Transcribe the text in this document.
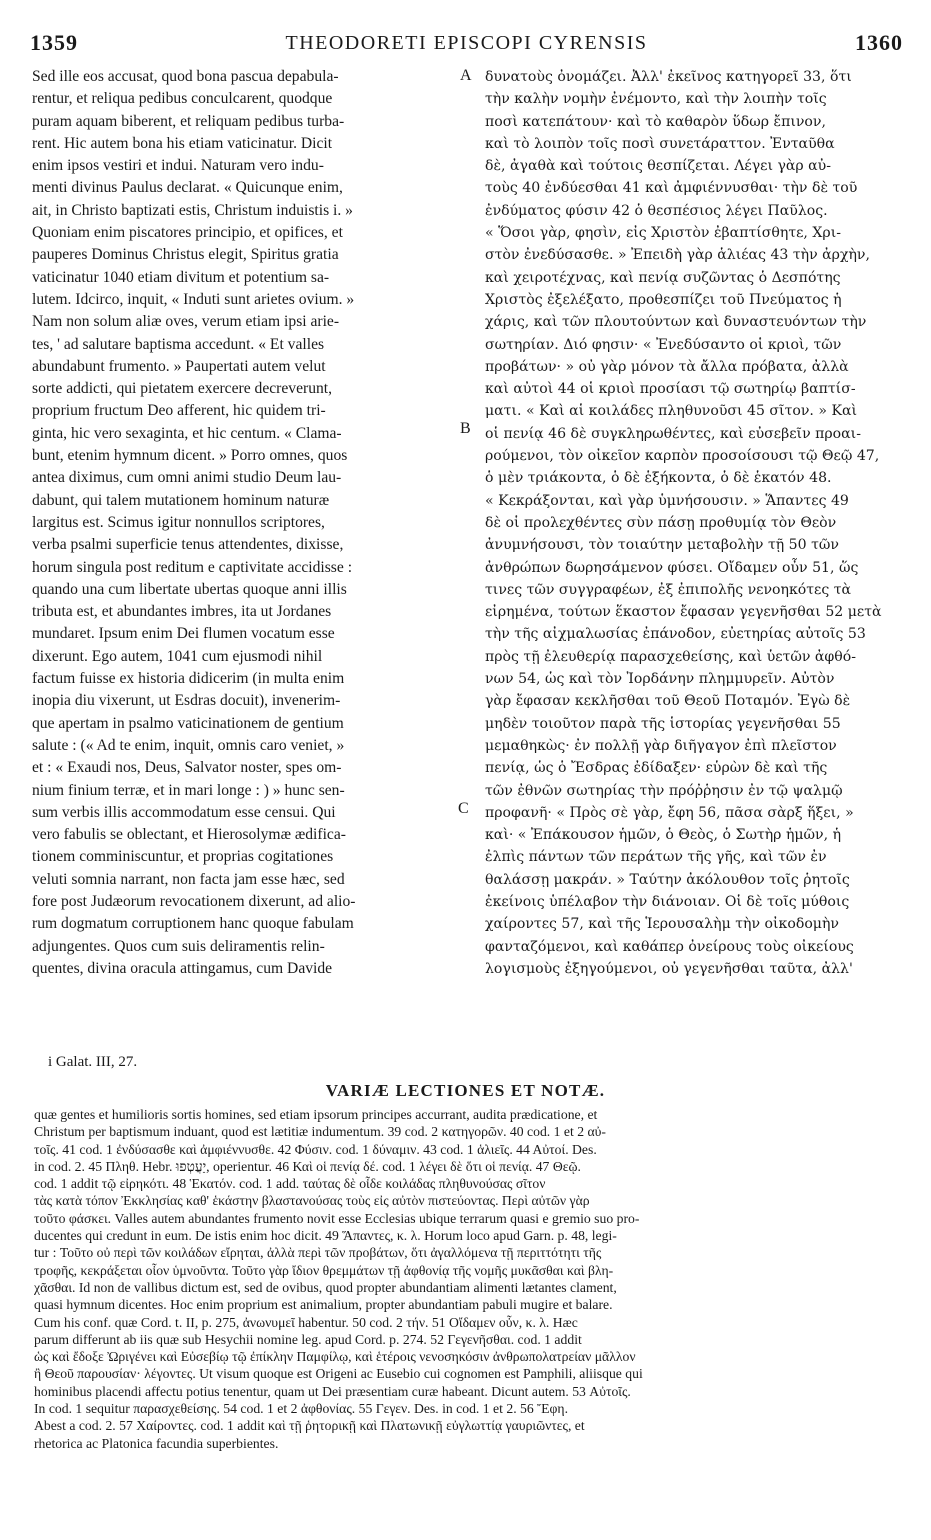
1359	THEODORETI EPISCOPI CYRENSIS	1360
Sed ille eos accusat, quod bona pascua depabula-
rentur, et reliqua pedibus conculcarent, quodque
puram aquam biberent, et reliquam pedibus turba-
rent. Hic autem bona his etiam vaticinatur. Dicit
enim ipsos vestiri et indui. Naturam vero indu-
menti divinus Paulus declarat. « Quicunque enim,
ait, in Christo baptizati estis, Christum induistis i. »
Quoniam enim piscatores principio, et opifices, et
pauperes Dominus Christus elegit, Spiritus gratia
vaticinatur 1040 etiam divitum et potentium sa-
lutem. Idcirco, inquit, « Induti sunt arietes ovium. »
Nam non solum aliæ oves, verum etiam ipsi arie-
tes, ' ad salutare baptisma accedunt. « Et valles
abundabunt frumento. » Paupertati autem velut
sorte addicti, qui pietatem exercere decreverunt,
proprium fructum Deo afferent, hic quidem tri-
ginta, hic vero sexaginta, et hic centum. « Clama-
bunt, etenim hymnum dicent. » Porro omnes, quos
antea diximus, cum omni animi studio Deum lau-
dabunt, qui talem mutationem hominum naturæ
largitus est. Scimus igitur nonnullos scriptores,
verba psalmi superficie tenus attendentes, dixisse,
horum singula post reditum e captivitate accidisse :
quando una cum libertate ubertas quoque anni illis
tributa est, et abundantes imbres, ita ut Jordanes
mundaret. Ipsum enim Dei flumen vocatum esse
dixerunt. Ego autem, 1041 cum ejusmodi nihil
factum fuisse ex historia didicerim (in multa enim
inopia diu vixerunt, ut Esdras docuit), invenerim-
que apertam in psalmo vaticinationem de gentium
salute : (« Ad te enim, inquit, omnis caro veniet, »
et : « Exaudi nos, Deus, Salvator noster, spes om-
nium finium terræ, et in mari longe : ) » hunc sen-
sum verbis illis accommodatum esse censui. Qui
vero fabulis se oblectant, et Hierosolymæ ædifica-
tionem comminiscuntur, et proprias cogitationes
veluti somnia narrant, non facta jam esse hæc, sed
fore post Judæorum revocationem dixerunt, ad alio-
rum dogmatum corruptionem hanc quoque fabulam
adjungentes. Quos cum suis deliramentis relin-
quentes, divina oracula attingamus, cum Davide
δυνατοὺς ὀνομάζει. Ἀλλ' ἐκεῖνος κατηγορεῖ 33, ὅτι
τὴν καλὴν νομὴν ἐνέμοντο, καὶ τὴν λοιπὴν τοῖς
ποσὶ κατεπάτουν· καὶ τὸ καθαρὸν ὕδωρ ἔπινον,
καὶ τὸ λοιπὸν τοῖς ποσὶ συνετάραττον. Ἐνταῦθα
δὲ, ἀγαθὰ καὶ τούτοις θεσπίζεται. Λέγει γὰρ αὐ-
τοὺς 40 ἐνδύεσθαι 41 καὶ ἀμφιέννυσθαι· τὴν δὲ τοῦ
ἐνδύματος φύσιν 42 ὁ θεσπέσιος λέγει Παῦλος.
« Ὅσοι γὰρ, φησὶν, εἰς Χριστὸν ἐβαπτίσθητε, Χρι-
στὸν ἐνεδύσασθε. » Ἐπειδὴ γὰρ ἁλιέας 43 τὴν ἀρχὴν,
καὶ χειροτέχνας, καὶ πενίᾳ συζῶντας ὁ Δεσπότης
Χριστὸς ἐξελέξατο, προθεσπίζει τοῦ Πνεύματος ἡ
χάρις, καὶ τῶν πλουτούντων καὶ δυναστευόντων τὴν
σωτηρίαν. Διό φησιν· « Ἐνεδύσαντο οἱ κριοὶ, τῶν
προβάτων· » οὐ γὰρ μόνον τὰ ἄλλα πρόβατα, ἀλλὰ
καὶ αὐτοὶ 44 οἱ κριοὶ προσίασι τῷ σωτηρίῳ βαπτίσ-
ματι. « Καὶ αἱ κοιλάδες πληθυνοῦσι 45 σῖτον. » Καὶ
οἱ πενίᾳ 46 δὲ συγκληρωθέντες, καὶ εὐσεβεῖν προαι-
ρούμενοι, τὸν οἰκεῖον καρπὸν προσοίσουσι τῷ Θεῷ 47,
ὁ μὲν τριάκοντα, ὁ δὲ ἑξήκοντα, ὁ δὲ ἑκατόν 48.
« Κεκράξονται, καὶ γὰρ ὑμνήσουσιν. » Ἅπαντες 49
δὲ οἱ προλεχθέντες σὺν πάσῃ προθυμίᾳ τὸν Θεὸν
ἀνυμνήσουσι, τὸν τοιαύτην μεταβολὴν τῇ 50 τῶν
ἀνθρώπων δωρησάμενον φύσει. Οἴδαμεν οὖν 51, ὥς
τινες τῶν συγγραφέων, ἐξ ἐπιπολῆς νενοηκότες τὰ
εἰρημένα, τούτων ἕκαστον ἔφασαν γεγενῆσθαι 52 μετὰ
τὴν τῆς αἰχμαλωσίας ἐπάνοδον, εὐετηρίας αὐτοῖς 53
πρὸς τῇ ἐλευθερίᾳ παρασχεθείσης, καὶ ὑετῶν ἀφθό-
νων 54, ὡς καὶ τὸν Ἰορδάνην πλημμυρεῖν. Αὐτὸν
γὰρ ἔφασαν κεκλῆσθαι τοῦ Θεοῦ Ποταμόν. Ἐγὼ δὲ
μηδὲν τοιοῦτον παρὰ τῆς ἱστορίας γεγενῆσθαι 55
μεμαθηκὼς· ἐν πολλῇ γὰρ διῆγαγον ἐπὶ πλεῖστον
πενίᾳ, ὡς ὁ Ἔσδρας ἐδίδαξεν· εὑρὼν δὲ καὶ τῆς
τῶν ἐθνῶν σωτηρίας τὴν πρόῤῥησιν ἐν τῷ ψαλμῷ
προφανῆ· « Πρὸς σὲ γὰρ, ἔφη 56, πᾶσα σὰρξ ἥξει, »
καὶ· « Ἐπάκουσον ἡμῶν, ὁ Θεὸς, ὁ Σωτὴρ ἡμῶν, ἡ
ἐλπὶς πάντων τῶν περάτων τῆς γῆς, καὶ τῶν ἐν
θαλάσσῃ μακράν. » Ταύτην ἀκόλουθον τοῖς ῥητοῖς
ἐκείνοις ὑπέλαβον τὴν διάνοιαν. Οἱ δὲ τοῖς μύθοις
χαίροντες 57, καὶ τῆς Ἱερουσαλὴμ τὴν οἰκοδομὴν
φανταζόμενοι, καὶ καθάπερ ὀνείρους τοὺς οἰκείους
λογισμοὺς ἐξηγούμενοι, οὐ γεγενῆσθαι ταῦτα, ἀλλ'
A
B
C
i Galat. III, 27.
VARIÆ LECTIONES ET NOTÆ.
quæ gentes et humilioris sortis homines, sed etiam ipsorum principes accurrant, audita prædicatione, et
Christum per baptismum induant, quod est lætitiæ indumentum. 39 cod. 2 κατηγορῶν. 40 cod. 1 et 2 αὐ-
τοῖς. 41 cod. 1 ἐνδύσασθε καὶ ἀμφιέννυσθε. 42 Φύσιν. cod. 1 δύναμιν. 43 cod. 1 ἁλιεῖς. 44 Αὐτοί. Des.
in cod. 2. 45 Πληθ. Hebr. יַעֲטְפוּ, operientur. 46 Καὶ οἱ πενίᾳ δέ. cod. 1 λέγει δὲ ὅτι οἱ πενίᾳ. 47 Θεῷ.
cod. 1 addit τῷ εἰρηκότι. 48 Ἑκατόν. cod. 1 add. ταύτας δὲ οἶδε κοιλάδας πληθυνούσας σῖτον
τὰς κατὰ τόπον Ἐκκλησίας καθ' ἑκάστην βλαστανούσας τοὺς εἰς αὐτὸν πιστεύοντας. Περὶ αὐτῶν γὰρ
τοῦτο φάσκει. Valles autem abundantes frumento novit esse Ecclesias ubique terrarum quasi e gremio suo pro-
ducentes qui credunt in eum. De istis enim hoc dicit. 49 Ἅπαντες, κ. λ. Horum loco apud Garn. p. 48, legi-
tur : Τοῦτο οὐ περὶ τῶν κοιλάδων εἴρηται, ἀλλὰ περὶ τῶν προβάτων, ὅτι ἀγαλλόμενα τῇ περιττότητι τῆς
τροφῆς, κεκράξεται οἷον ὑμνοῦντα. Τοῦτο γὰρ ἴδιον θρεμμάτων τῇ ἀφθονίᾳ τῆς νομῆς μυκᾶσθαι καὶ βλη-
χᾶσθαι. Id non de vallibus dictum est, sed de ovibus, quod propter abundantiam alimenti lætantes clament,
quasi hymnum dicentes. Hoc enim proprium est animalium, propter abundantiam pabuli mugire et balare.
Cum his conf. quæ Cord. t. II, p. 275, ἀνωνυμεῖ habentur. 50 cod. 2 τήν. 51 Οἴδαμεν οὖν, κ. λ. Hæc
parum differunt ab iis quæ sub Hesychii nomine leg. apud Cord. p. 274. 52 Γεγενῆσθαι. cod. 1 addit
ὡς καὶ ἔδοξε Ὠριγένει καὶ Εὐσεβίῳ τῷ ἐπίκλην Παμφίλῳ, καὶ ἑτέροις νενοσηκόσιν ἀνθρωπολατρείαν μᾶλλον
ἢ Θεοῦ παρουσίαν· λέγοντες. Ut visum quoque est Origeni ac Eusebio cui cognomen est Pamphili, aliisque qui
hominibus placendi affectu potius tenentur, quam ut Dei præsentiam curæ habeant. Dicunt autem. 53 Αὐτοῖς.
In cod. 1 sequitur παρασχεθείσης. 54 cod. 1 et 2 ἀφθονίας. 55 Γεγεν. Des. in cod. 1 et 2. 56 Ἔφη.
Abest a cod. 2. 57 Χαίροντες. cod. 1 addit καὶ τῇ ῥητορικῇ καὶ Πλατωνικῇ εὐγλωττίᾳ γαυριῶντες, et
rhetorica ac Platonica facundia superbientes.
